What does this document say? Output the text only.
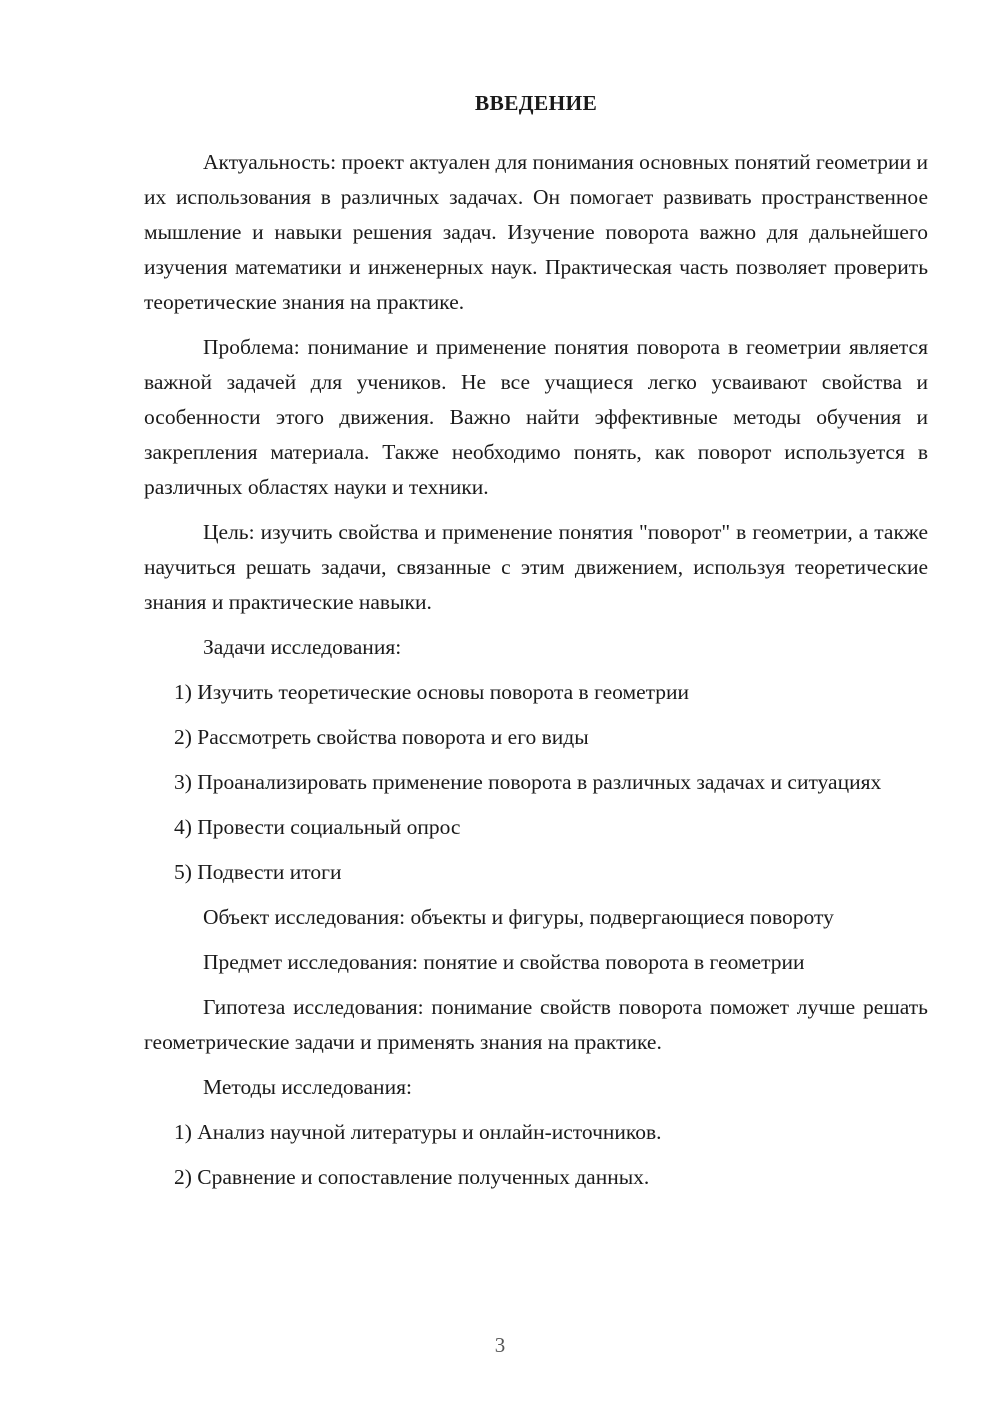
ВВЕДЕНИЕ

Актуальность: проект актуален для понимания основных понятий геометрии и их использования в различных задачах. Он помогает развивать пространственное мышление и навыки решения задач. Изучение поворота важно для дальнейшего изучения математики и инженерных наук. Практическая часть позволяет проверить теоретические знания на практике.

Проблема: понимание и применение понятия поворота в геометрии является важной задачей для учеников. Не все учащиеся легко усваивают свойства и особенности этого движения. Важно найти эффективные методы обучения и закрепления материала. Также необходимо понять, как поворот используется в различных областях науки и техники.

Цель: изучить свойства и применение понятия "поворот" в геометрии, а также научиться решать задачи, связанные с этим движением, используя теоретические знания и практические навыки.

Задачи исследования:

1) Изучить теоретические основы поворота в геометрии

2) Рассмотреть свойства поворота и его виды

3) Проанализировать применение поворота в различных задачах и ситуациях

4) Провести социальный опрос

5) Подвести итоги

Объект исследования: объекты и фигуры, подвергающиеся повороту

Предмет исследования: понятие и свойства поворота в геометрии

Гипотеза исследования: понимание свойств поворота поможет лучше решать геометрические задачи и применять знания на практике.

Методы исследования:

1) Анализ научной литературы и онлайн-источников.

2) Сравнение и сопоставление полученных данных.

3
